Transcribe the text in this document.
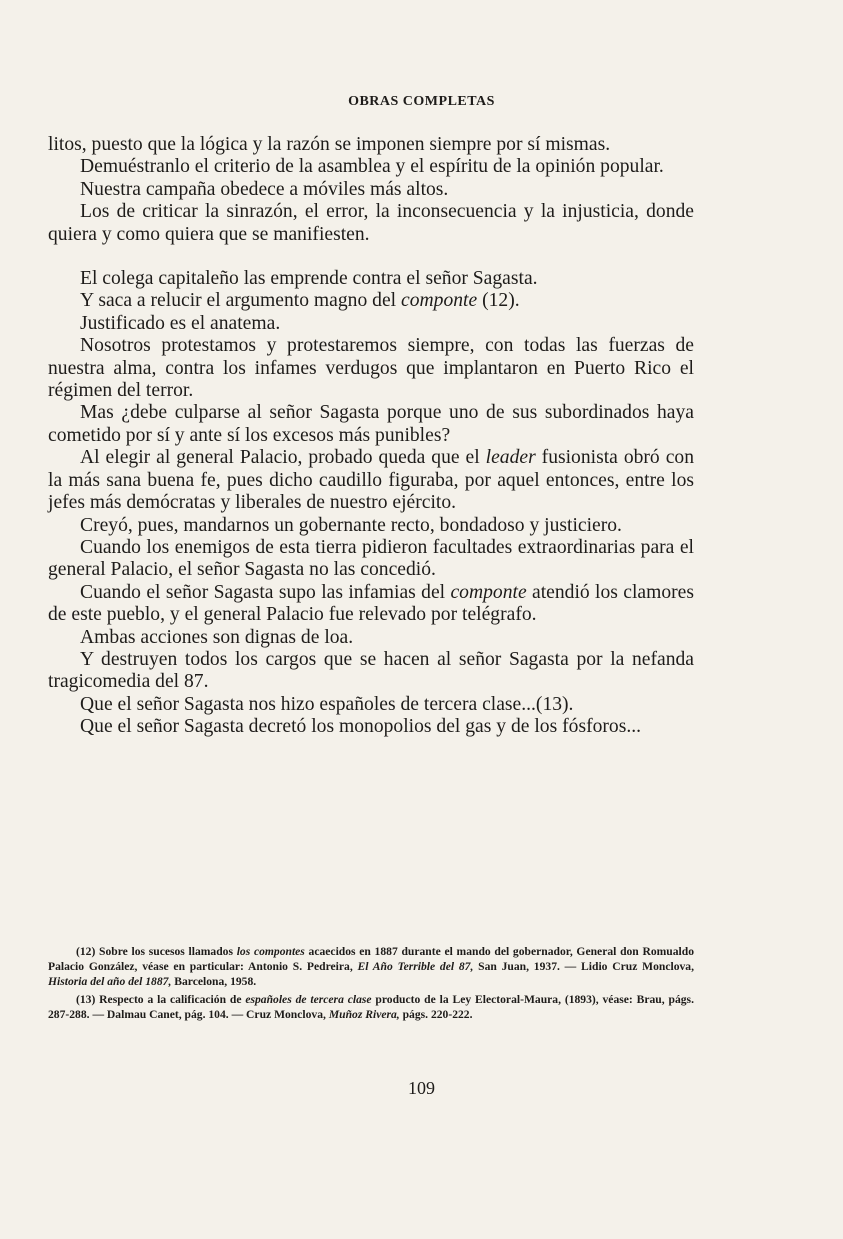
OBRAS COMPLETAS

litos, puesto que la lógica y la razón se imponen siempre por sí mismas.

Demuéstranlo el criterio de la asamblea y el espíritu de la opinión popular.

Nuestra campaña obedece a móviles más altos.

Los de criticar la sinrazón, el error, la inconsecuencia y la injusticia, donde quiera y como quiera que se manifiesten.

El colega capitaleño las emprende contra el señor Sagasta.

Y saca a relucir el argumento magno del componte (12).

Justificado es el anatema.

Nosotros protestamos y protestaremos siempre, con todas las fuerzas de nuestra alma, contra los infames verdugos que implantaron en Puerto Rico el régimen del terror.

Mas ¿debe culparse al señor Sagasta porque uno de sus subordinados haya cometido por sí y ante sí los excesos más punibles?

Al elegir al general Palacio, probado queda que el leader fusionista obró con la más sana buena fe, pues dicho caudillo figuraba, por aquel entonces, entre los jefes más demócratas y liberales de nuestro ejército.

Creyó, pues, mandarnos un gobernante recto, bondadoso y justiciero.

Cuando los enemigos de esta tierra pidieron facultades extraordinarias para el general Palacio, el señor Sagasta no las concedió.

Cuando el señor Sagasta supo las infamias del componte atendió los clamores de este pueblo, y el general Palacio fue relevado por telégrafo.

Ambas acciones son dignas de loa.

Y destruyen todos los cargos que se hacen al señor Sagasta por la nefanda tragicomedia del 87.

Que el señor Sagasta nos hizo españoles de tercera clase...(13).

Que el señor Sagasta decretó los monopolios del gas y de los fósforos...

(12) Sobre los sucesos llamados los compontes acaecidos en 1887 durante el mando del gobernador, General don Romualdo Palacio González, véase en particular: Antonio S. Pedreira, El Año Terrible del 87, San Juan, 1937. — Lidio Cruz Monclova, Historia del año del 1887, Barcelona, 1958.

(13) Respecto a la calificación de españoles de tercera clase producto de la Ley Electoral-Maura, (1893), véase: Brau, págs. 287-288. — Dalmau Canet, pág. 104. — Cruz Monclova, Muñoz Rivera, págs. 220-222.

109
